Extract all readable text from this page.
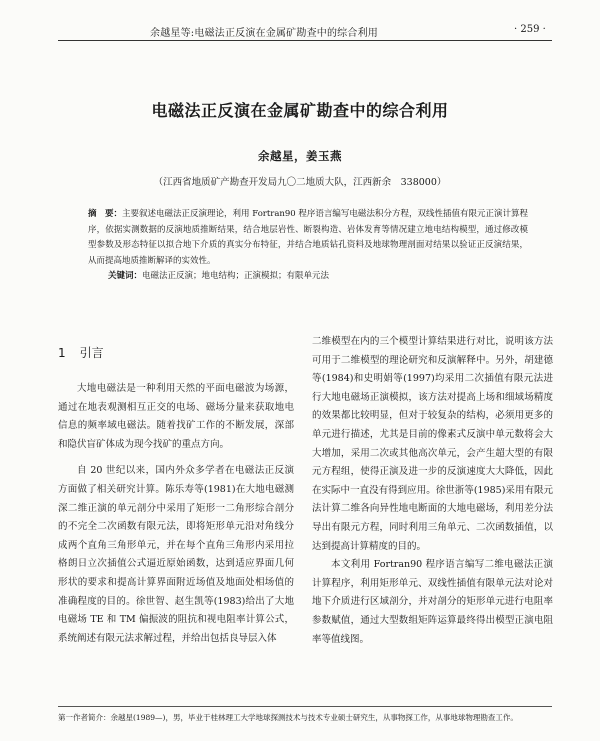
余越星等:电磁法正反演在金属矿勘查中的综合利用	· 259 ·
电磁法正反演在金属矿勘查中的综合利用
余越星，姜玉燕
（江西省地质矿产勘查开发局九〇二地质大队，江西新余　338000）
摘　要：主要叙述电磁法正反演理论，利用 Fortran90 程序语言编写电磁法积分方程，双线性插值有限元正演计算程序，依据实测数据的反演地质推断结果，结合地层岩性、断裂构造、岩体发育等情况建立地电结构模型，通过修改模型参数及形态特征以拟合地下介质的真实分布特征，并结合地质钻孔资料及地球物理剖面对结果以验证正反演结果，从而提高地质推断解译的实效性。
关键词：电磁法正反演；地电结构；正演模拟；有限单元法
1 引言

大地电磁法是一种利用天然的平面电磁波为场源，通过在地表观测相互正交的电场、磁场分量来获取地电信息的频率域电磁法。随着找矿工作的不断发展，深部和隐伏盲矿体成为现今找矿的重点方向。

自 20 世纪以来，国内外众多学者在电磁法正反演方面做了相关研究计算。陈乐寿等(1981)在大地电磁测深二维正演的单元剖分中采用了矩形一二角形综合剖分的不完全二次函数有限元法，即将矩形单元沿对角线分成两个直角三角形单元，并在每个直角三角形内采用拉格朗日立次插值公式逼近原始函数，达到适应界面几何形状的要求和提高计算界面附近场值及地面处相场值的准确程度的目的。徐世智、赵生凯等(1983)给出了大地电磁场 TE 和 TM 偏振波的阻抗和视电阻率计算公式，系统阐述有限元法求解过程，并给出包括良导层入体

二维模型在内的三个模型计算结果进行对比，说明该方法可用于二维模型的理论研究和反演解释中。另外，胡建德等(1984)和史明娟等(1997)均采用二次插值有限元法进行大地电磁场正演模拟，该方法对提高上场和细域场精度的效果都比较明显，但对于较复杂的结构，必须用更多的单元进行描述，尤其是目前的像素式反演中单元数将会大大增加，采用二次或其他高次单元，会产生超大型的有限元方程组，使得正演及进一步的反演速度大大降低，因此在实际中一直没有得到应用。徐世浙等(1985)采用有限元法计算二维各向异性地电断面的大地电磁场，利用差分法导出有限元方程，同时利用三角单元、二次函数插值，以达到提高计算精度的目的。

本文利用 Fortran90 程序语言编写二维电磁法正演计算程序，利用矩形单元、双线性插值有限单元法对论对地下介质进行区域剖分，并对剖分的矩形单元进行电阻率参数赋值，通过大型数组矩阵运算最终得出模型正演电阻率等值线图。

第一作者简介：余越星(1989—)，男，毕业于桂林理工大学地球探测技术与技术专业硕士研究生，从事物探工作，从事地球物理勘查工作。
